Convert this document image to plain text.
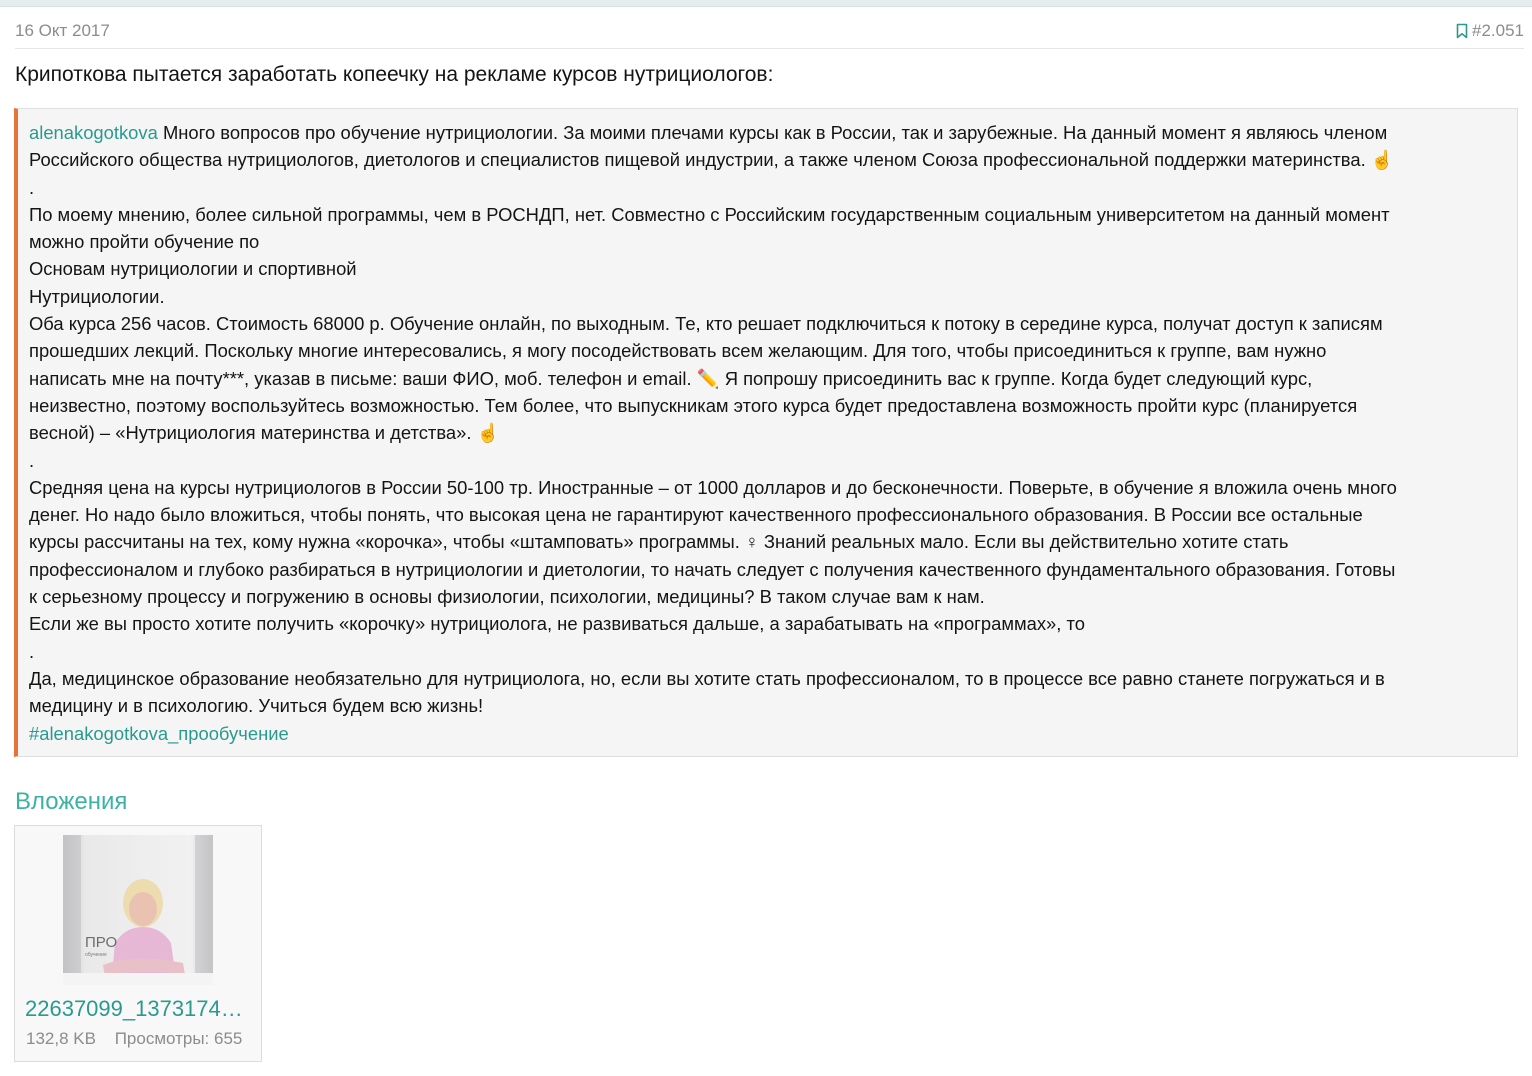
16 Окт 2017	#2.051
Крипоткова пытается заработать копеечку на рекламе курсов нутрициологов:
alenakogotkova Много вопросов про обучение нутрициологии. За моими плечами курсы как в России, так и зарубежные. На данный момент я являюсь членом
Российского общества нутрициологов, диетологов и специалистов пищевой индустрии, а также членом Союза профессиональной поддержки материнства. ☝️
.
По моему мнению, более сильной программы, чем в РОСНДП, нет. Совместно с Российским государственным социальным университетом на данный момент
можно пройти обучение по
Основам нутрициологии и спортивной
Нутрициологии.
Оба курса 256 часов. Стоимость 68000 р. Обучение онлайн, по выходным. Те, кто решает подключиться к потоку в середине курса, получат доступ к записям
прошедших лекций. Поскольку многие интересовались, я могу посодействовать всем желающим. Для того, чтобы присоединиться к группе, вам нужно
написать мне на почту***, указав в письме: ваши ФИО, моб. телефон и email. ✏️ Я попрошу присоединить вас к группе. Когда будет следующий курс,
неизвестно, поэтому воспользуйтесь возможностью. Тем более, что выпускникам этого курса будет предоставлена возможность пройти курс (планируется
весной) – «Нутрициология материнства и детства». ☝️
.
Средняя цена на курсы нутрициологов в России 50-100 тр. Иностранные – от 1000 долларов и до бесконечности. Поверьте, в обучение я вложила очень много
денег. Но надо было вложиться, чтобы понять, что высокая цена не гарантируют качественного профессионального образования. В России все остальные
курсы рассчитаны на тех, кому нужна «корочка», чтобы «штамповать» программы. ♀ Знаний реальных мало. Если вы действительно хотите стать
профессионалом и глубоко разбираться в нутрициологии и диетологии, то начать следует с получения качественного фундаментального образования. Готовы
к серьезному процессу и погружению в основы физиологии, психологии, медицины? В таком случае вам к нам.
Если же вы просто хотите получить «корочку» нутрициолога, не развиваться дальше, а зарабатывать на «программах», то
.
Да, медицинское образование необязательно для нутрициолога, но, если вы хотите стать профессионалом, то в процессе все равно станете погружаться и в
медицину и в психологию. Учиться будем всю жизнь!
#alenakogotkova_прообучение
Вложения
ПРО
обучение
22637099_1373174…
132,8 KB Просмотры: 655
